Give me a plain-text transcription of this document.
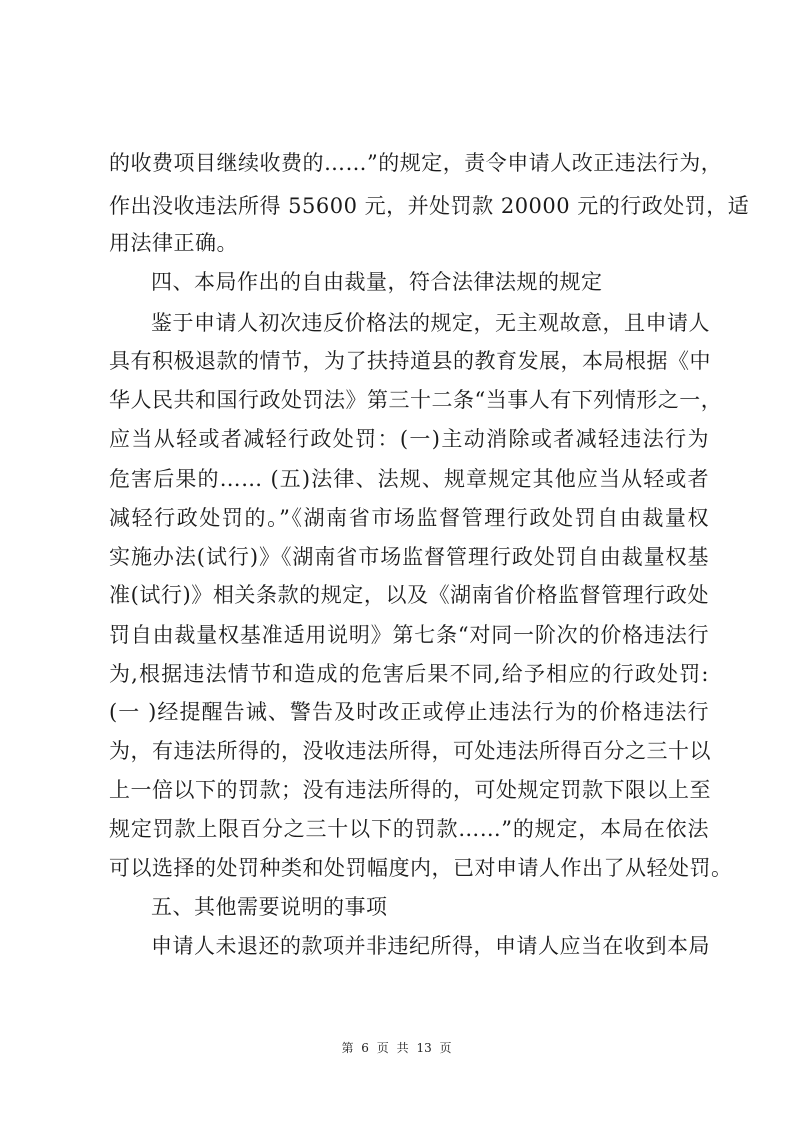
的收费项目继续收费的……”的规定，责令申请人改正违法行为，
作出没收违法所得 55600 元，并处罚款 20000 元的行政处罚，适
用法律正确。
四、本局作出的自由裁量，符合法律法规的规定
鉴于申请人初次违反价格法的规定，无主观故意，且申请人
具有积极退款的情节，为了扶持道县的教育发展，本局根据《中
华人民共和国行政处罚法》第三十二条“当事人有下列情形之一，
应当从轻或者减轻行政处罚：(一)主动消除或者减轻违法行为
危害后果的…… (五)法律、法规、规章规定其他应当从轻或者
减轻行政处罚的。”《湖南省市场监督管理行政处罚自由裁量权
实施办法(试行)》《湖南省市场监督管理行政处罚自由裁量权基
准(试行)》相关条款的规定，以及《湖南省价格监督管理行政处
罚自由裁量权基准适用说明》第七条“对同一阶次的价格违法行
为,根据违法情节和造成的危害后果不同,给予相应的行政处罚:
(一 )经提醒告诫、警告及时改正或停止违法行为的价格违法行
为，有违法所得的，没收违法所得，可处违法所得百分之三十以
上一倍以下的罚款；没有违法所得的，可处规定罚款下限以上至
规定罚款上限百分之三十以下的罚款……”的规定，本局在依法
可以选择的处罚种类和处罚幅度内，已对申请人作出了从轻处罚。
五、其他需要说明的事项
申请人未退还的款项并非违纪所得，申请人应当在收到本局
第 6 页 共 13 页
